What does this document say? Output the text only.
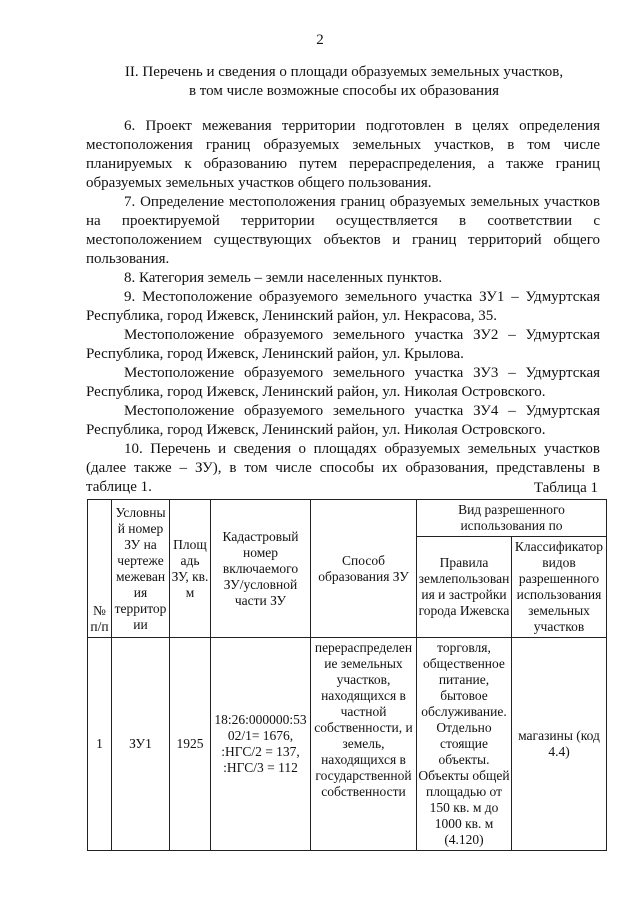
2
II. Перечень и сведения о площади образуемых земельных участков,
в том числе возможные способы их образования

6. Проект межевания территории подготовлен в целях определения местоположения границ образуемых земельных участков, в том числе планируемых к образованию путем перераспределения, а также границ образуемых земельных участков общего пользования.

7. Определение местоположения границ образуемых земельных участков на проектируемой территории осуществляется в соответствии с местоположением существующих объектов и границ территорий общего пользования.

8. Категория земель – земли населенных пунктов.

9. Местоположение образуемого земельного участка ЗУ1 – Удмуртская Республика, город Ижевск, Ленинский район, ул. Некрасова, 35.

Местоположение образуемого земельного участка ЗУ2 – Удмуртская Республика, город Ижевск, Ленинский район, ул. Крылова.

Местоположение образуемого земельного участка ЗУ3 – Удмуртская Республика, город Ижевск, Ленинский район, ул. Николая Островского.

Местоположение образуемого земельного участка ЗУ4 – Удмуртская Республика, город Ижевск, Ленинский район, ул. Николая Островского.

10. Перечень и сведения о площадях образуемых земельных участков (далее также – ЗУ), в том числе способы их образования, представлены в таблице 1.	Таблица 1
№ п/п	Условный номер ЗУ на чертеже межевания территории	Площадь ЗУ, кв. м	Кадастровый номер включаемого ЗУ/условной части ЗУ	Способ образования ЗУ	Вид разрешенного использования по	
					Правила землепользования и застройки города Ижевска	Классификатор видов разрешенного использования земельных участков
1	ЗУ1	1925	18:26:000000:5302/1= 1676, :НГС/2 = 137, :НГС/3 = 112	перераспределение земельных участков, находящихся в частной собственности, и земель, находящихся в государственной собственности	торговля, общественное питание, бытовое обслуживание. Отдельно стоящие объекты. Объекты общей площадью от 150 кв. м до 1000 кв. м (4.120)	магазины (код 4.4)
